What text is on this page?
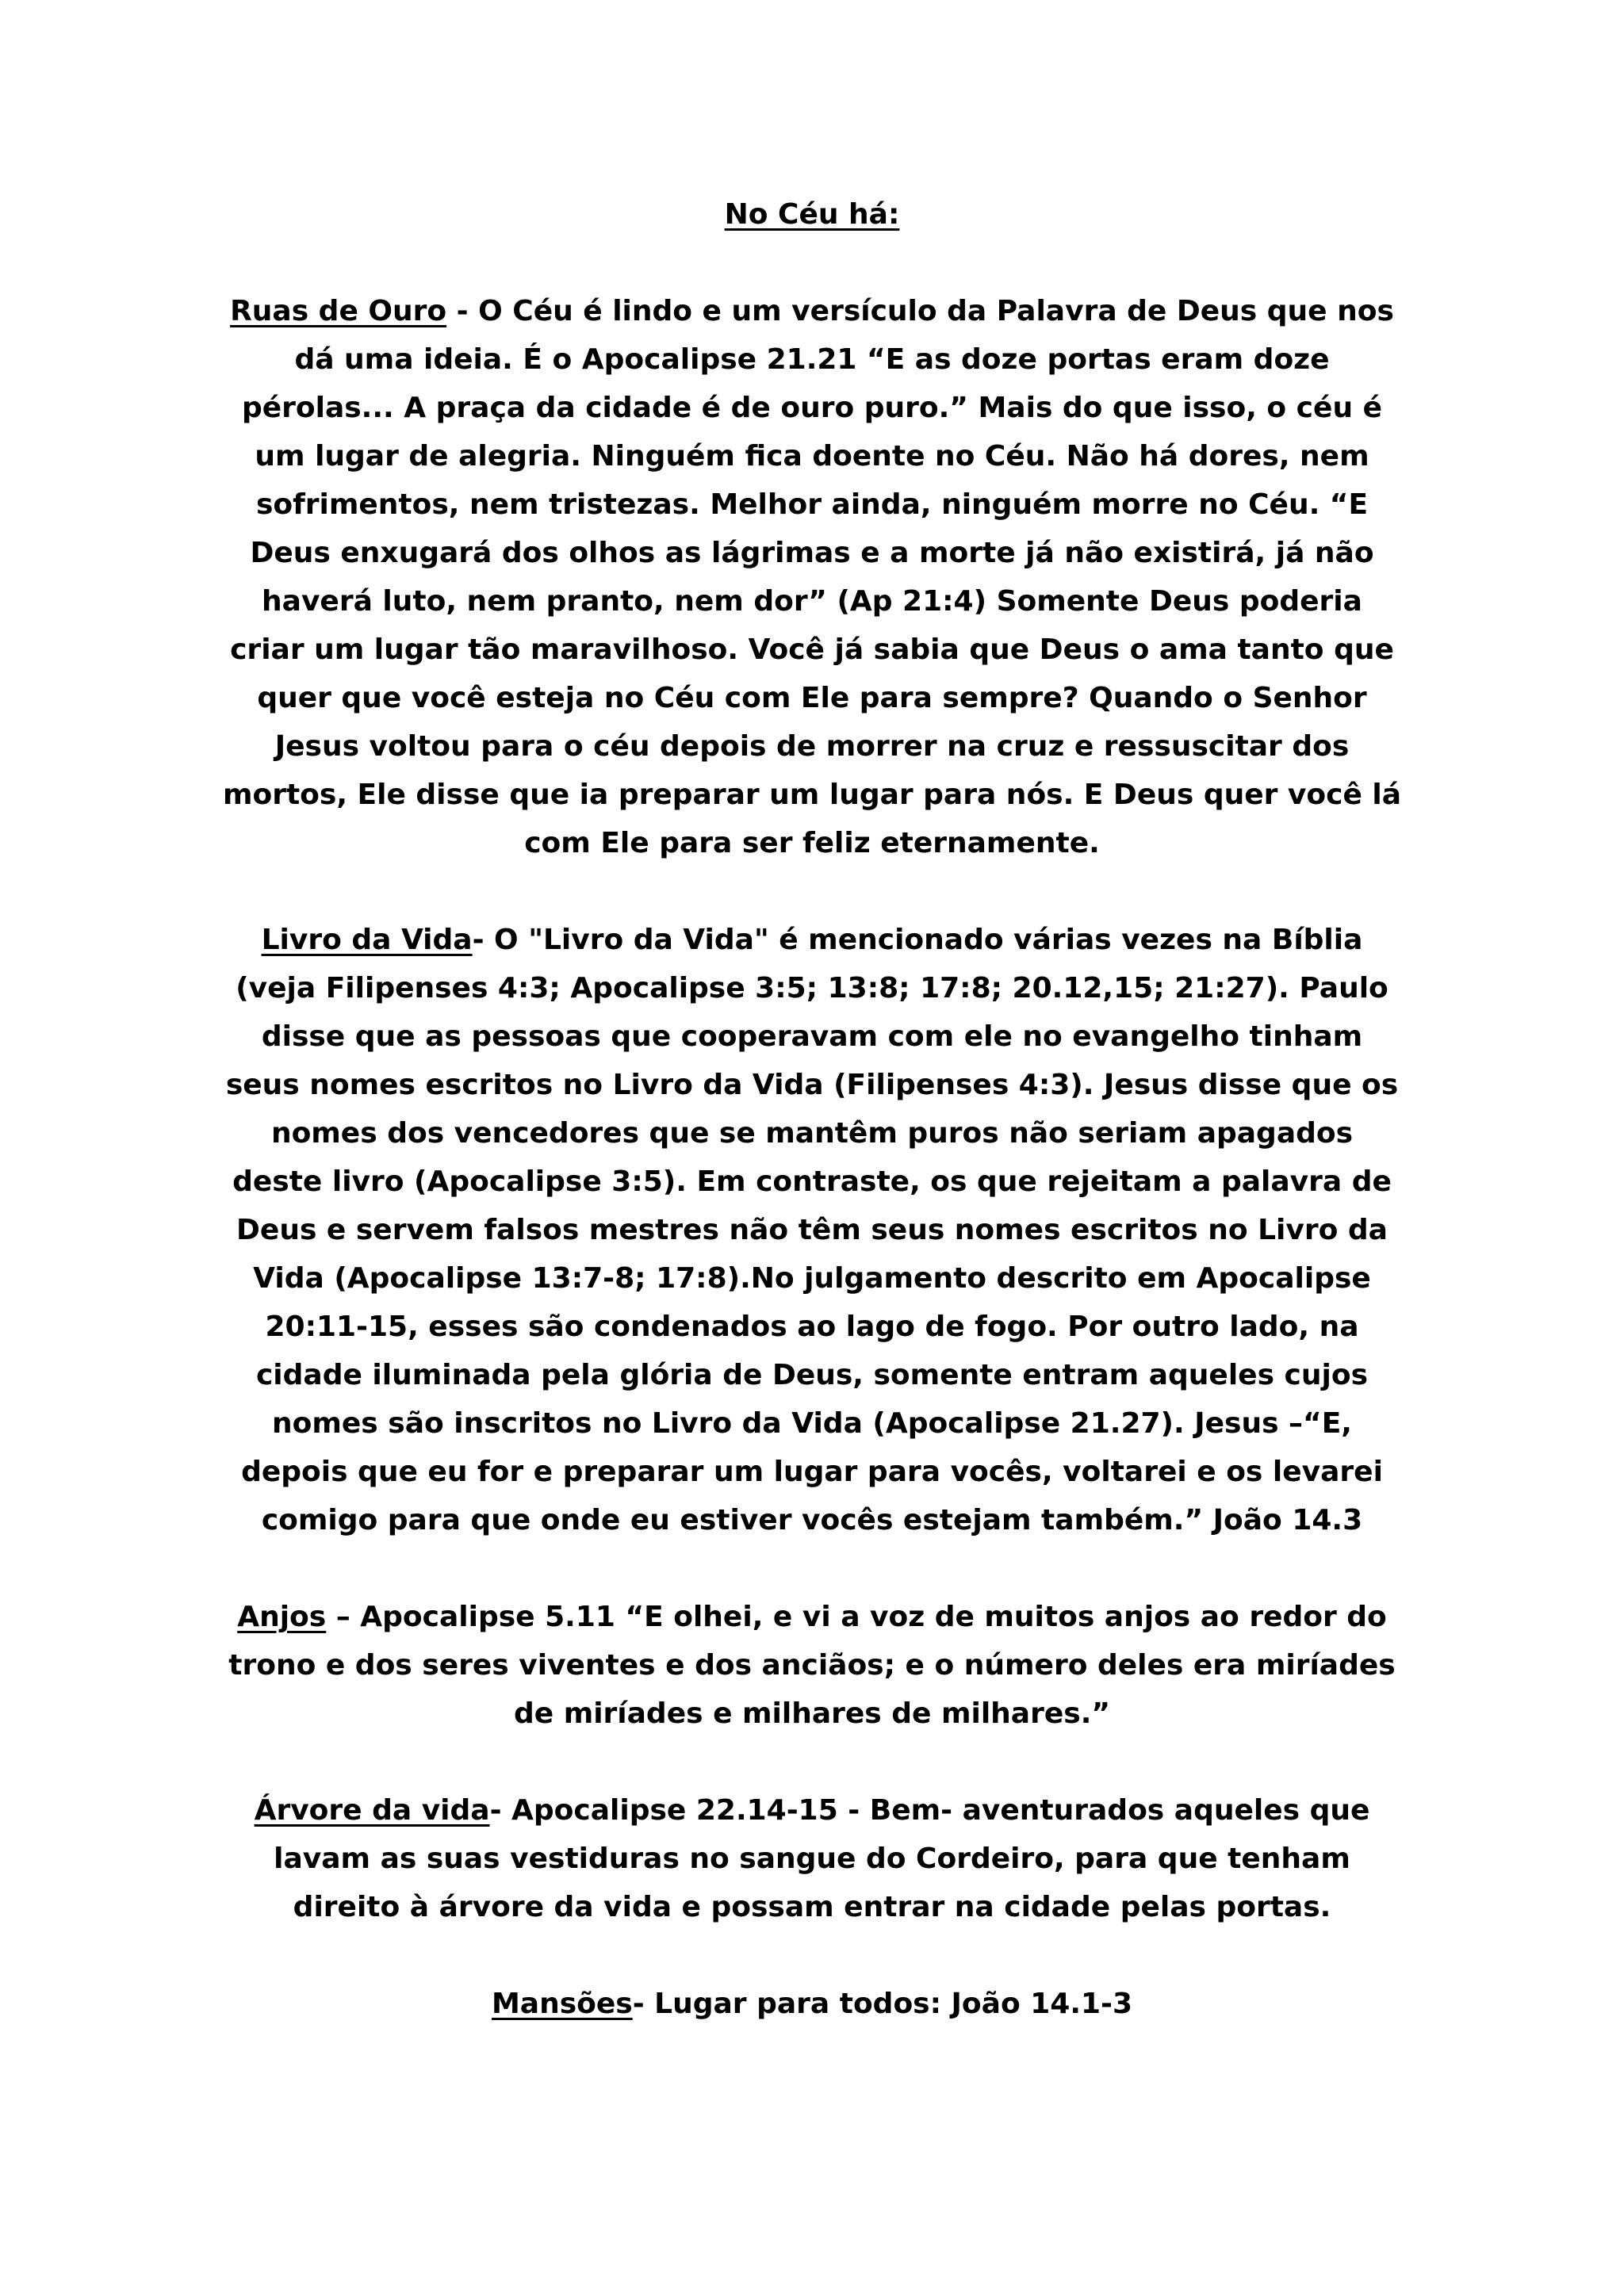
No Céu há:
Ruas de Ouro - O Céu é lindo e um versículo da Palavra de Deus que nos dá uma ideia. É o Apocalipse 21.21 “E as doze portas eram doze pérolas... A praça da cidade é de ouro puro.” Mais do que isso, o céu é um lugar de alegria. Ninguém fica doente no Céu. Não há dores, nem sofrimentos, nem tristezas. Melhor ainda, ninguém morre no Céu. “E Deus enxugará dos olhos as lágrimas e a morte já não existirá, já não haverá luto, nem pranto, nem dor” (Ap 21:4) Somente Deus poderia criar um lugar tão maravilhoso. Você já sabia que Deus o ama tanto que quer que você esteja no Céu com Ele para sempre? Quando o Senhor Jesus voltou para o céu depois de morrer na cruz e ressuscitar dos mortos, Ele disse que ia preparar um lugar para nós. E Deus quer você lá com Ele para ser feliz eternamente.
Livro da Vida- O "Livro da Vida" é mencionado várias vezes na Bíblia (veja Filipenses 4:3; Apocalipse 3:5; 13:8; 17:8; 20.12,15; 21:27). Paulo disse que as pessoas que cooperavam com ele no evangelho tinham seus nomes escritos no Livro da Vida (Filipenses 4:3). Jesus disse que os nomes dos vencedores que se mantêm puros não seriam apagados deste livro (Apocalipse 3:5). Em contraste, os que rejeitam a palavra de Deus e servem falsos mestres não têm seus nomes escritos no Livro da Vida (Apocalipse 13:7-8; 17:8).No julgamento descrito em Apocalipse 20:11-15, esses são condenados ao lago de fogo. Por outro lado, na cidade iluminada pela glória de Deus, somente entram aqueles cujos nomes são inscritos no Livro da Vida (Apocalipse 21.27). Jesus –“E, depois que eu for e preparar um lugar para vocês, voltarei e os levarei comigo para que onde eu estiver vocês estejam também.” João 14.3
Anjos – Apocalipse 5.11 “E olhei, e vi a voz de muitos anjos ao redor do trono e dos seres viventes e dos anciãos; e o número deles era miríades de miríades e milhares de milhares.”
Árvore da vida- Apocalipse 22.14-15 - Bem- aventurados aqueles que lavam as suas vestiduras no sangue do Cordeiro, para que tenham direito à árvore da vida e possam entrar na cidade pelas portas.
Mansões- Lugar para todos: João 14.1-3
